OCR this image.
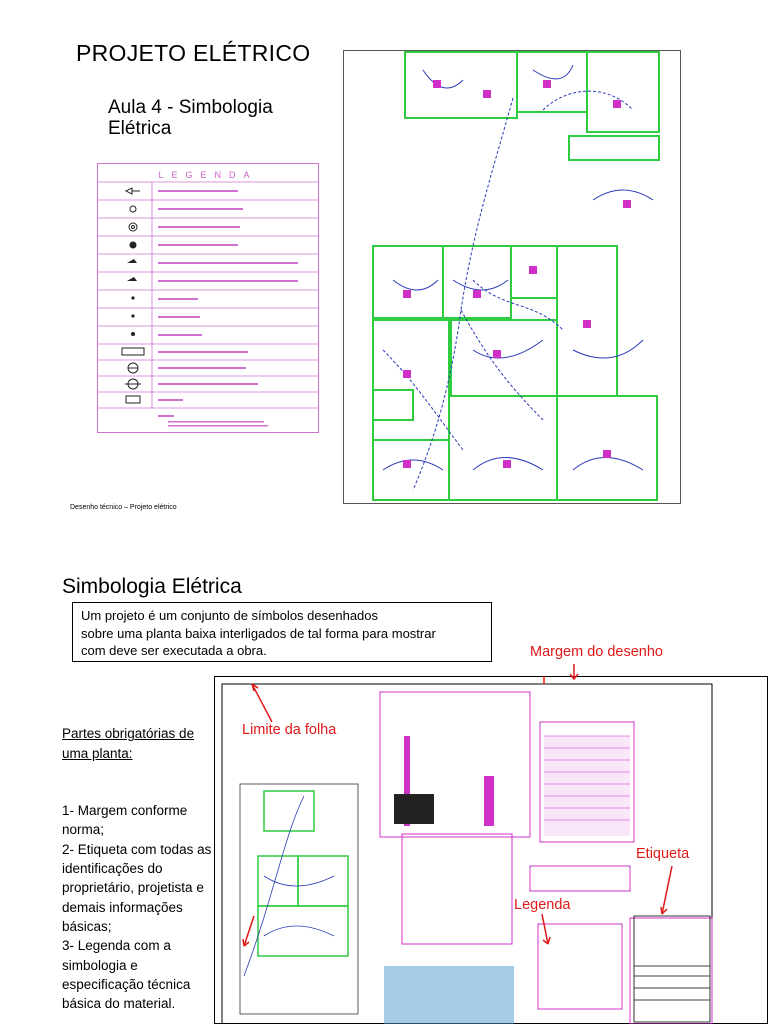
PROJETO ELÉTRICO
Aula 4 - Simbologia
Elétrica
LEGENDA
Desenho técnico – Projeto elétrico
Simbologia Elétrica
Um projeto é um conjunto de símbolos desenhados
sobre uma planta baixa interligados de tal forma para mostrar
com deve ser executada a obra.

Partes obrigatórias de uma planta:

1- Margem conforme norma;
2- Etiqueta com todas as identificações do proprietário, projetista e demais informações básicas;
3- Legenda com a simbologia e especificação técnica básica do material.

Margem do desenho
Limite da folha
Etiqueta
Legenda
